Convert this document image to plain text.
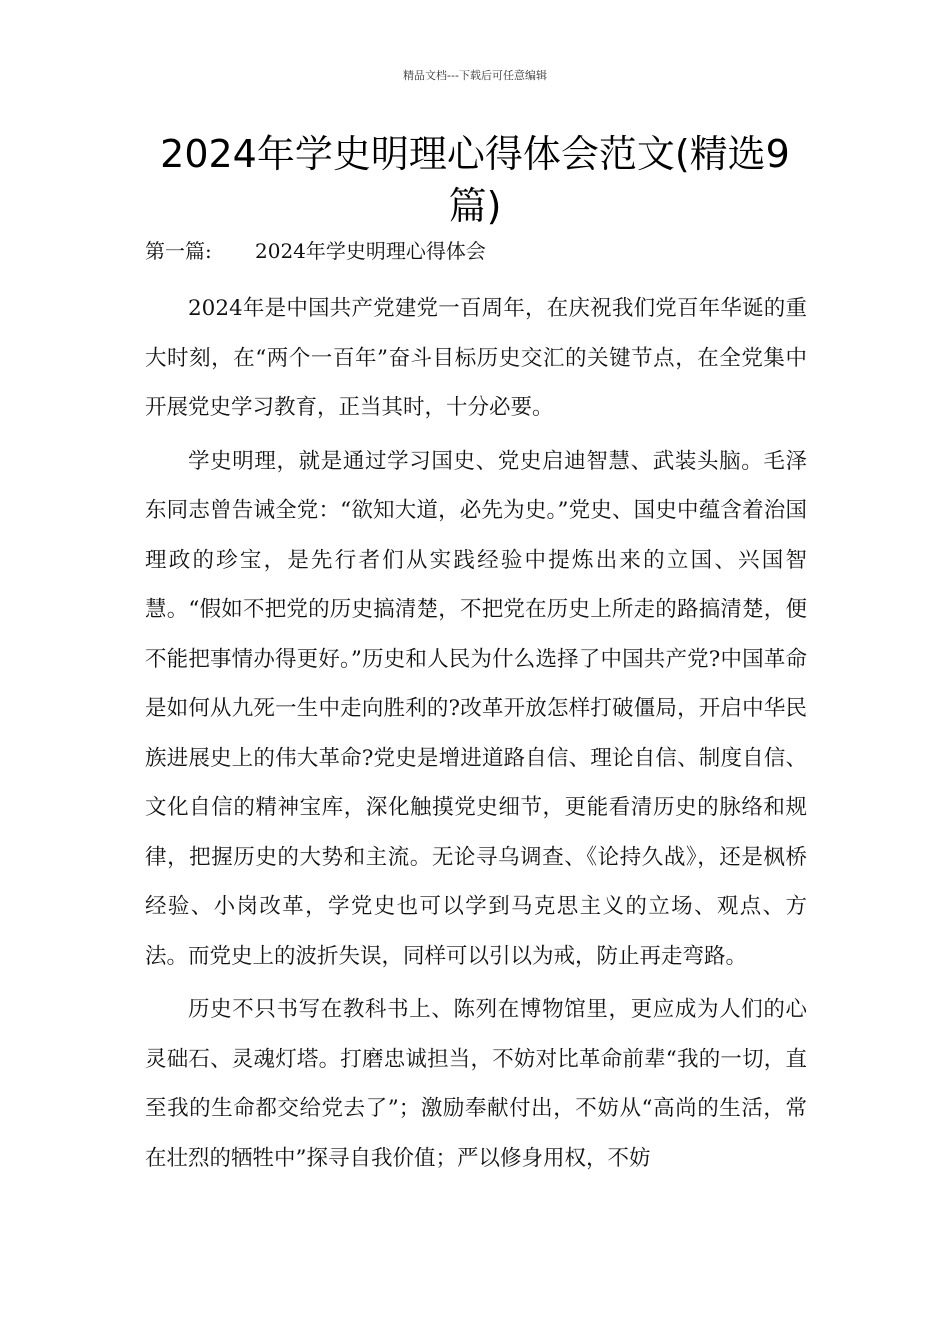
精品文档---下载后可任意编辑
2024年学史明理心得体会范文(精选9篇)
第一篇: 2024年学史明理心得体会

2024年是中国共产党建党一百周年，在庆祝我们党百年华诞的重大时刻，在“两个一百年”奋斗目标历史交汇的关键节点，在全党集中开展党史学习教育，正当其时，十分必要。

学史明理，就是通过学习国史、党史启迪智慧、武装头脑。毛泽东同志曾告诫全党：“欲知大道，必先为史。”党史、国史中蕴含着治国理政的珍宝，是先行者们从实践经验中提炼出来的立国、兴国智慧。“假如不把党的历史搞清楚，不把党在历史上所走的路搞清楚，便不能把事情办得更好。”历史和人民为什么选择了中国共产党?中国革命是如何从九死一生中走向胜利的?改革开放怎样打破僵局，开启中华民族进展史上的伟大革命?党史是增进道路自信、理论自信、制度自信、文化自信的精神宝库，深化触摸党史细节，更能看清历史的脉络和规律，把握历史的大势和主流。无论寻乌调查、《论持久战》，还是枫桥经验、小岗改革，学党史也可以学到马克思主义的立场、观点、方法。而党史上的波折失误，同样可以引以为戒，防止再走弯路。

历史不只书写在教科书上、陈列在博物馆里，更应成为人们的心灵础石、灵魂灯塔。打磨忠诚担当，不妨对比革命前辈“我的一切，直至我的生命都交给党去了”；激励奉献付出，不妨从“高尚的生活，常在壮烈的牺牲中”探寻自我价值；严以修身用权，不妨
